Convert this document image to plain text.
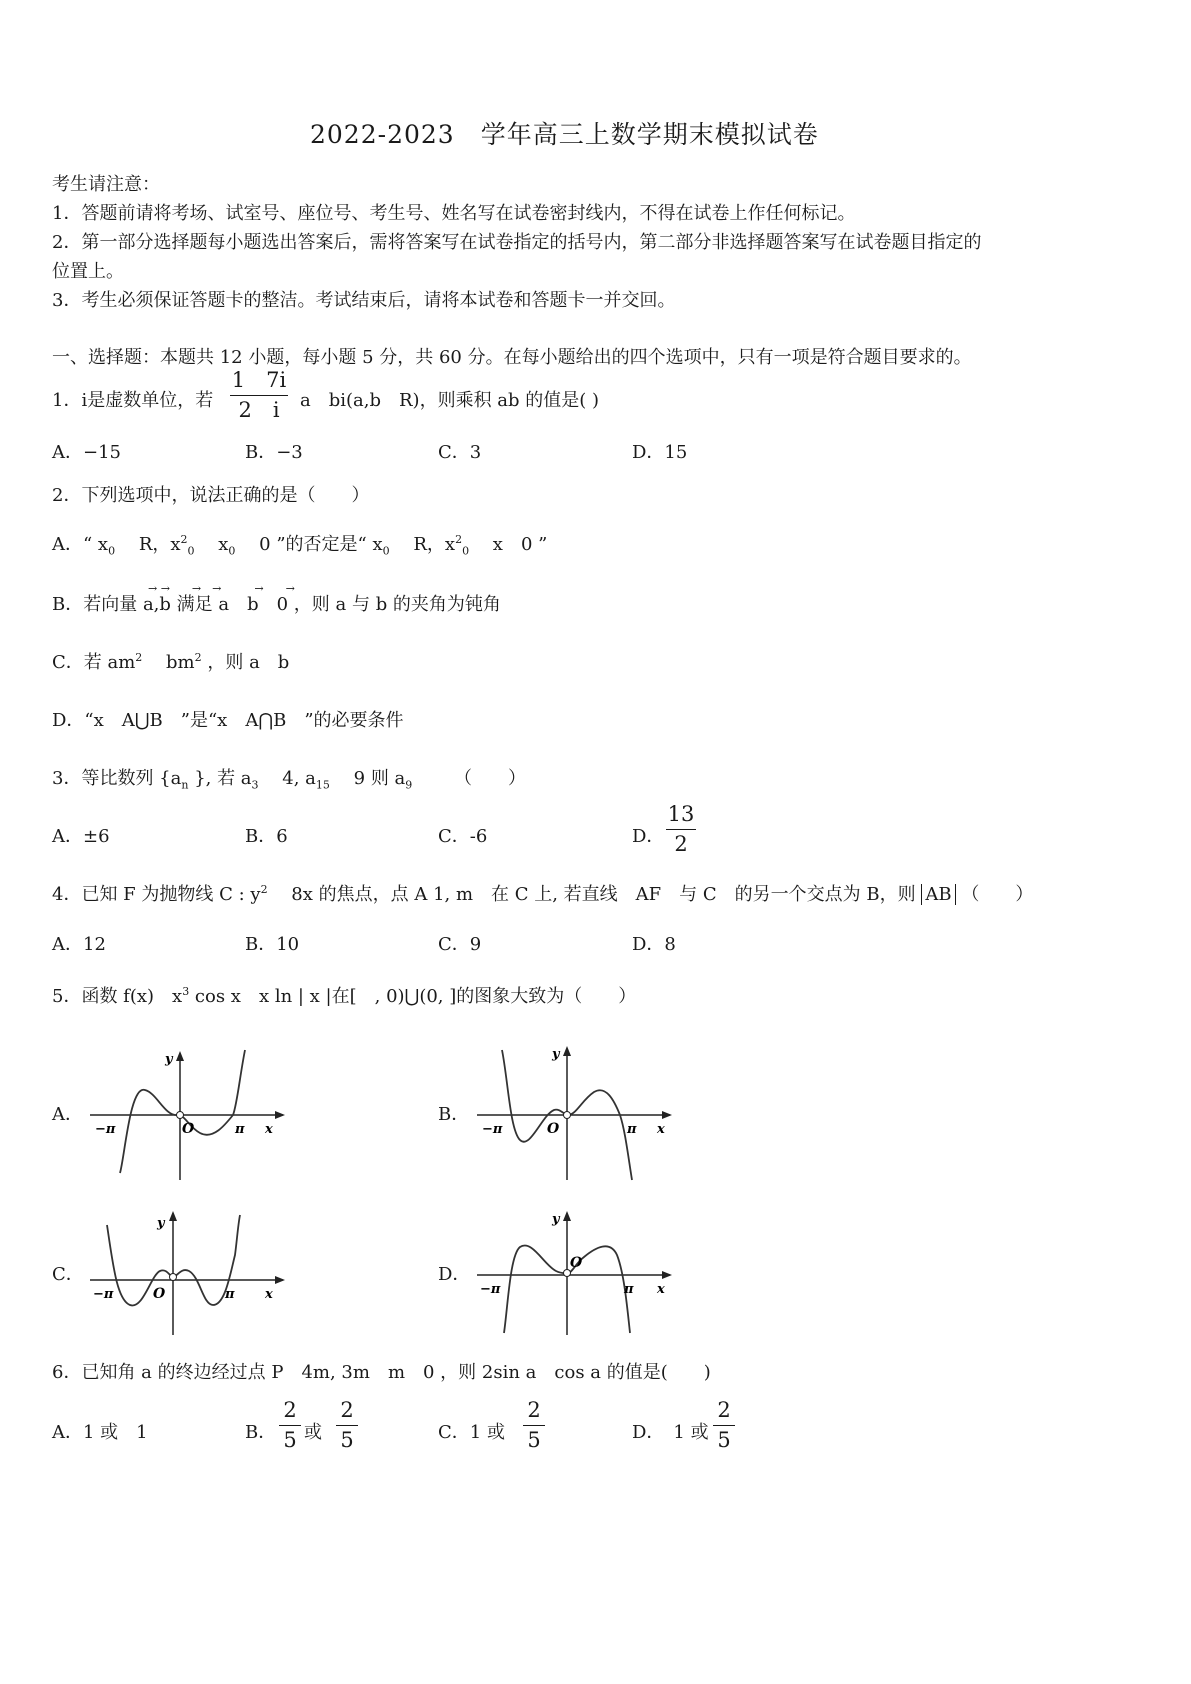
2022-2023　学年高三上数学期末模拟试卷
考生请注意：
1．答题前请将考场、试室号、座位号、考生号、姓名写在试卷密封线内，不得在试卷上作任何标记。
2．第一部分选择题每小题选出答案后，需将答案写在试卷指定的括号内，第二部分非选择题答案写在试卷题目指定的
位置上。
3．考生必须保证答题卡的整洁。考试结束后，请将本试卷和答题卡一并交回。
一、选择题：本题共 12 小题，每小题 5 分，共 60 分。在每小题给出的四个选项中，只有一项是符合题目要求的。
1．i是虚数单位，若
1　7i
2　i	a　bi(a,b　R)，则乘积 ab 的值是( )
A．−15	B．−3	C．3	D．15
2．下列选项中，说法正确的是（　　）
A．“ $x_0$　 R，$x^2_0$　 $x_0$　 0 ”的否定是“ $x_0$　 R，$x^2_0$　 x　0 ”
→ →　　→　→　　　→　　→
B．若向量 a,b 满足 a　b　0 ，则 a 与 b 的夹角为钝角
C．若 $am^2$　 $bm^2$ ，则 a　b
D．“x　A⋃B　”是“x　A⋂B　”的必要条件
3．等比数列 {$a_n$ }, 若 $a_3$　 4, $a_{15}$　 9 则 $a_9$　　 （　　）
A．±6	B．6	C．-6	D．
13
2
4．已知 F 为抛物线 C : $y^2$　 8x 的焦点，点 A 1, m　在 C 上, 若直线　AF　与 C　的另一个交点为 B，则 AB （　　）
A．12	B．10	C．9	D．8
5．函数 f(x)　$x^3$ cos x　x ln | x |在[　, 0)⋃(0, ]的图象大致为（　　）
A．	B．
C．	D．
−π	π
O	x
y
−π	π
O	x
y
−π	π
O	x
y
−π	π
O
x
y
6．已知角 a 的终边经过点 P　4m, 3m　m　0 ，则 2sin a　cos a 的值是(　　)
A．1 或　1	B．
2
5 或
2
5	C．1 或
2
5	D．　1 或
2
5
